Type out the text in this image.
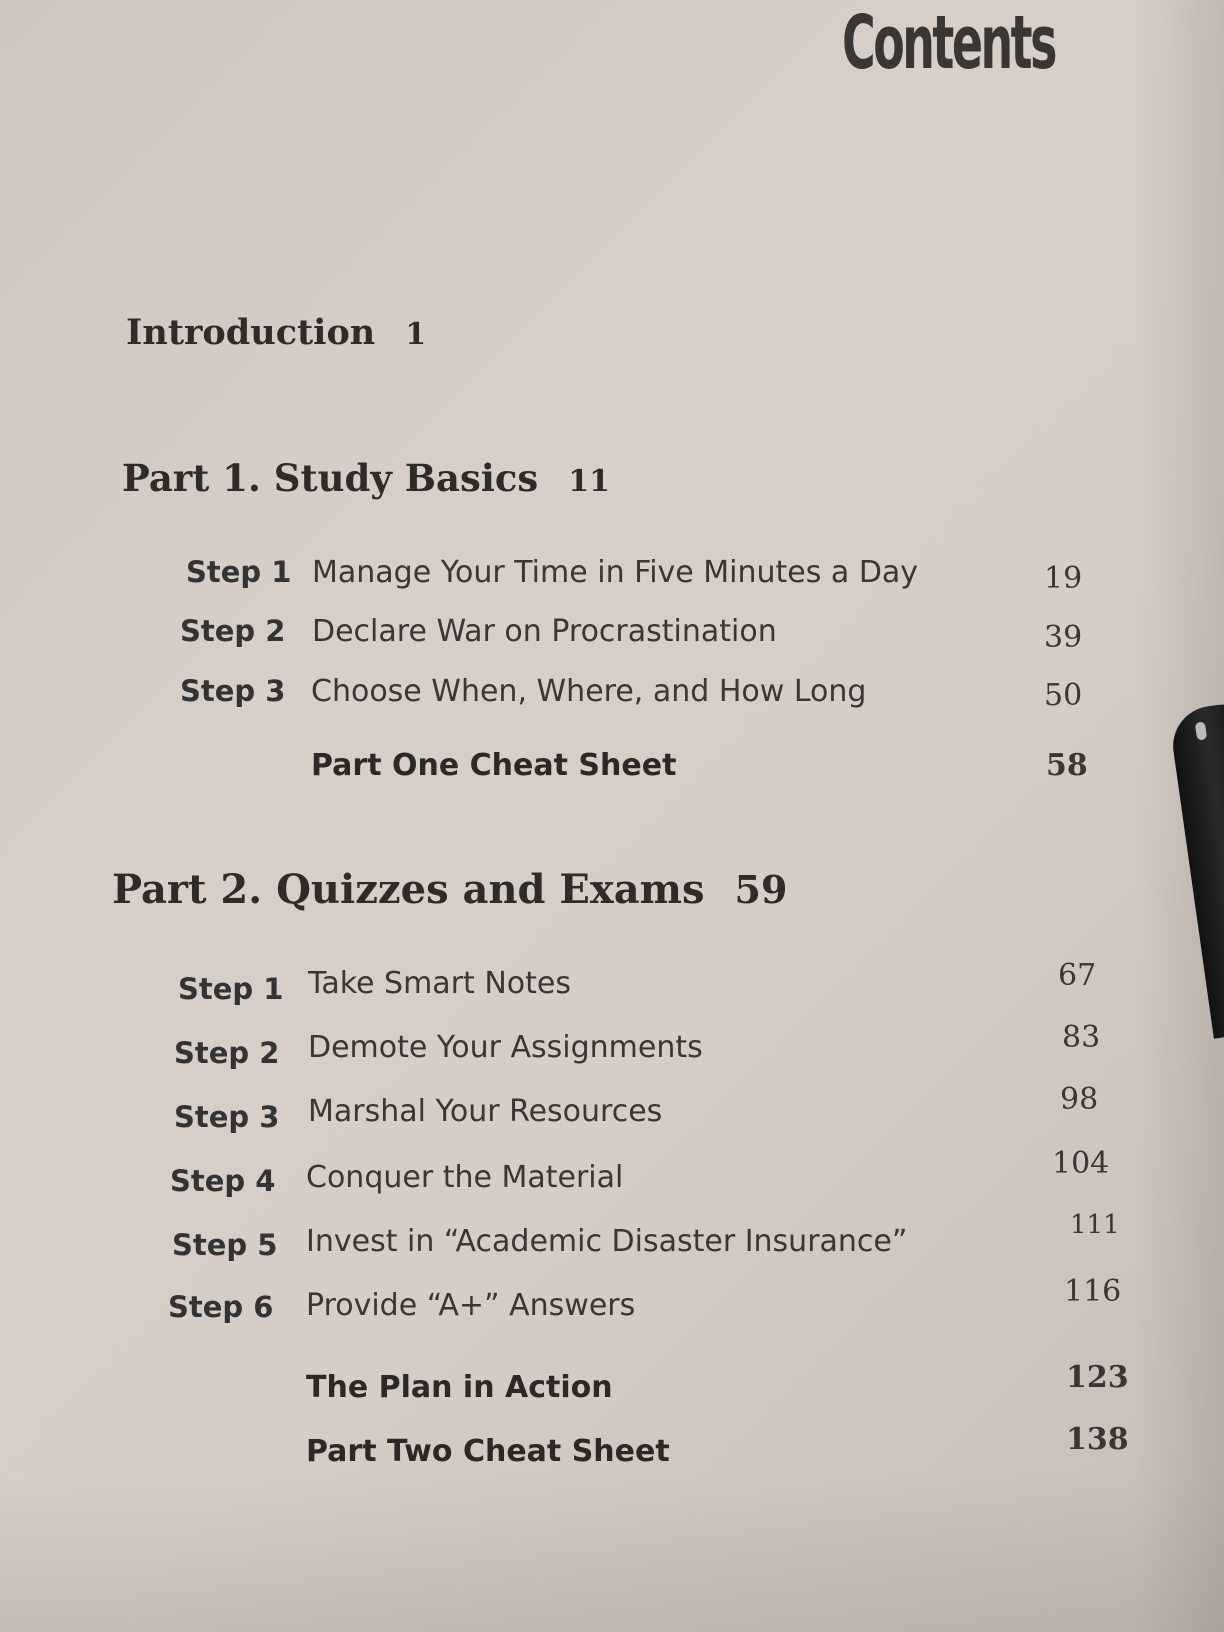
Contents
Introduction 1
Part 1. Study Basics 11
Step 1 Manage Your Time in Five Minutes a Day	19
Step 2 Declare War on Procrastination	39
Step 3 Choose When, Where, and How Long	50
Part One Cheat Sheet	58
Part 2. Quizzes and Exams 59
Step 1 Take Smart Notes	67
Step 2 Demote Your Assignments	83
Step 3 Marshal Your Resources	98
Step 4 Conquer the Material	104
Step 5 Invest in “Academic Disaster Insurance”	111
Step 6 Provide “A+” Answers	116
The Plan in Action	123
Part Two Cheat Sheet	138
